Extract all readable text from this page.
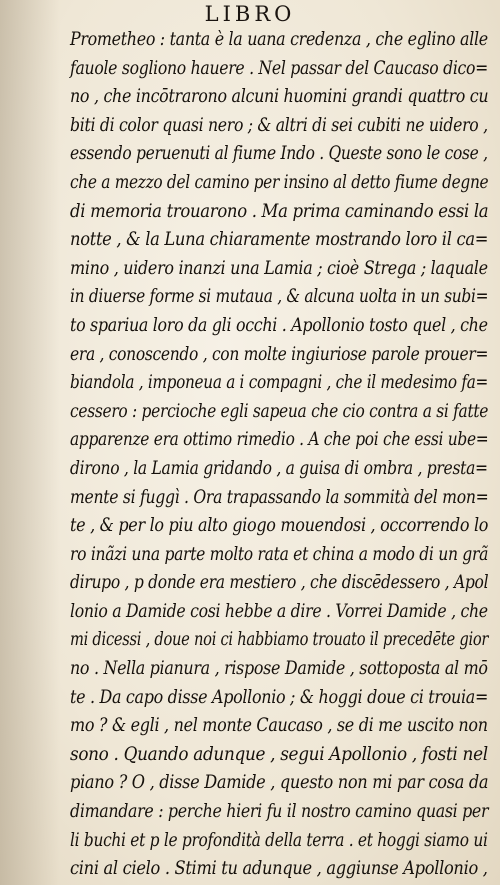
LIBRO
Prometheo : tanta è la uana credenza , che eglino alle
fauole sogliono hauere . Nel passar del Caucaso dico=
no , che incōtrarono alcuni huomini grandi quattro cu
biti di color quasi nero ; & altri di sei cubiti ne uidero ,
essendo peruenuti al fiume Indo . Queste sono le cose ,
che a mezzo del camino per insino al detto fiume degne
di memoria trouarono . Ma prima caminando essi la
notte , & la Luna chiaramente mostrando loro il ca=
mino , uidero inanzi una Lamia ; cioè Strega ; laquale
in diuerse forme si mutaua , & alcuna uolta in un subi=
to spariua loro da gli occhi . Apollonio tosto quel , che
era , conoscendo , con molte ingiuriose parole prouer=
biandola , imponeua a i compagni , che il medesimo fa=
cessero : percioche egli sapeua che cio contra a si fatte
apparenze era ottimo rimedio . A che poi che essi ube=
dirono , la Lamia gridando , a guisa di ombra , presta=
mente si fuggì . Ora trapassando la sommità del mon=
te , & per lo piu alto giogo mouendosi , occorrendo lo
ro inãzi una parte molto rata et china a modo di un grã
dirupo , p donde era mestiero , che discēdessero , Apol
lonio a Damide cosi hebbe a dire . Vorrei Damide , che
mi dicessi , doue noi ci habbiamo trouato il precedēte gior
no . Nella pianura , rispose Damide , sottoposta al mō
te . Da capo disse Apollonio ; & hoggi doue ci trouia=
mo ? & egli , nel monte Caucaso , se di me uscito non
sono . Quando adunque , segui Apollonio , fosti nel
piano ? O , disse Damide , questo non mi par cosa da
dimandare : perche hieri fu il nostro camino quasi per
li buchi et p le profondità della terra . et hoggi siamo ui
cini al cielo . Stimi tu adunque , aggiunse Apollonio ,
